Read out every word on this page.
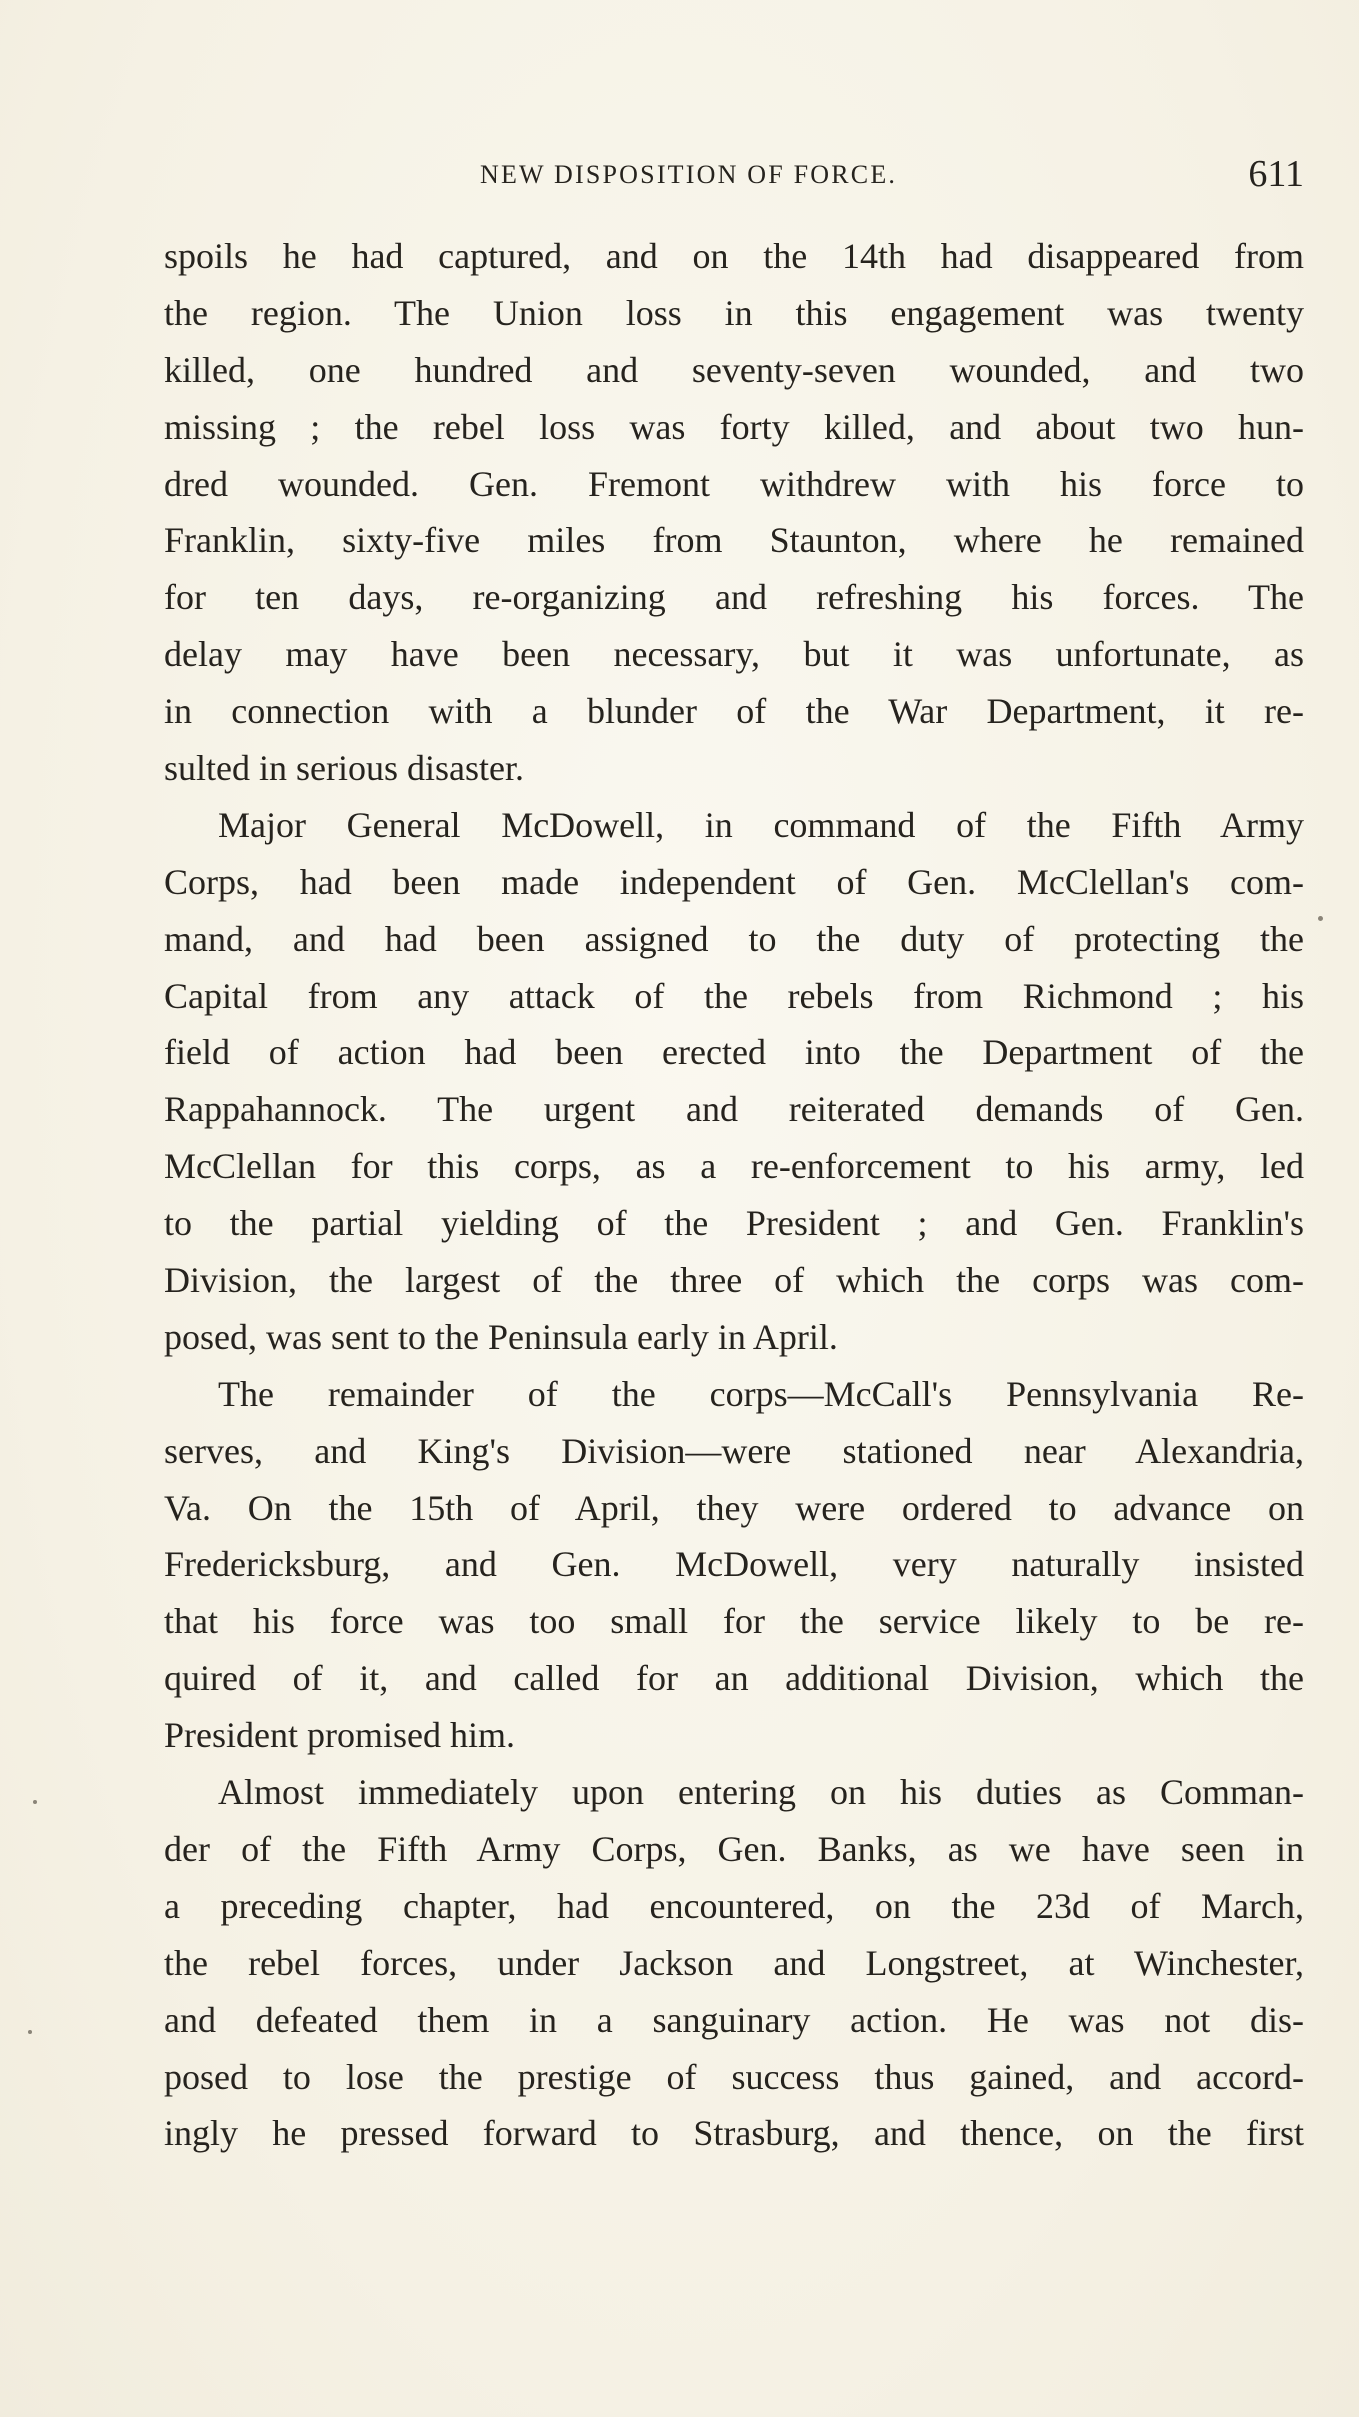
NEW DISPOSITION OF FORCE.	611
spoils he had captured, and on the 14th had disappeared from
the region. The Union loss in this engagement was twenty
killed, one hundred and seventy-seven wounded, and two
missing ; the rebel loss was forty killed, and about two hun-
dred wounded. Gen. Fremont withdrew with his force to
Franklin, sixty-five miles from Staunton, where he remained
for ten days, re-organizing and refreshing his forces. The
delay may have been necessary, but it was unfortunate, as
in connection with a blunder of the War Department, it re-
sulted in serious disaster.
Major General McDowell, in command of the Fifth Army
Corps, had been made independent of Gen. McClellan's com-
mand, and had been assigned to the duty of protecting the
Capital from any attack of the rebels from Richmond ; his
field of action had been erected into the Department of the
Rappahannock. The urgent and reiterated demands of Gen.
McClellan for this corps, as a re-enforcement to his army, led
to the partial yielding of the President ; and Gen. Franklin's
Division, the largest of the three of which the corps was com-
posed, was sent to the Peninsula early in April.
The remainder of the corps—McCall's Pennsylvania Re-
serves, and King's Division—were stationed near Alexandria,
Va. On the 15th of April, they were ordered to advance on
Fredericksburg, and Gen. McDowell, very naturally insisted
that his force was too small for the service likely to be re-
quired of it, and called for an additional Division, which the
President promised him.
Almost immediately upon entering on his duties as Comman-
der of the Fifth Army Corps, Gen. Banks, as we have seen in
a preceding chapter, had encountered, on the 23d of March,
the rebel forces, under Jackson and Longstreet, at Winchester,
and defeated them in a sanguinary action. He was not dis-
posed to lose the prestige of success thus gained, and accord-
ingly he pressed forward to Strasburg, and thence, on the first
